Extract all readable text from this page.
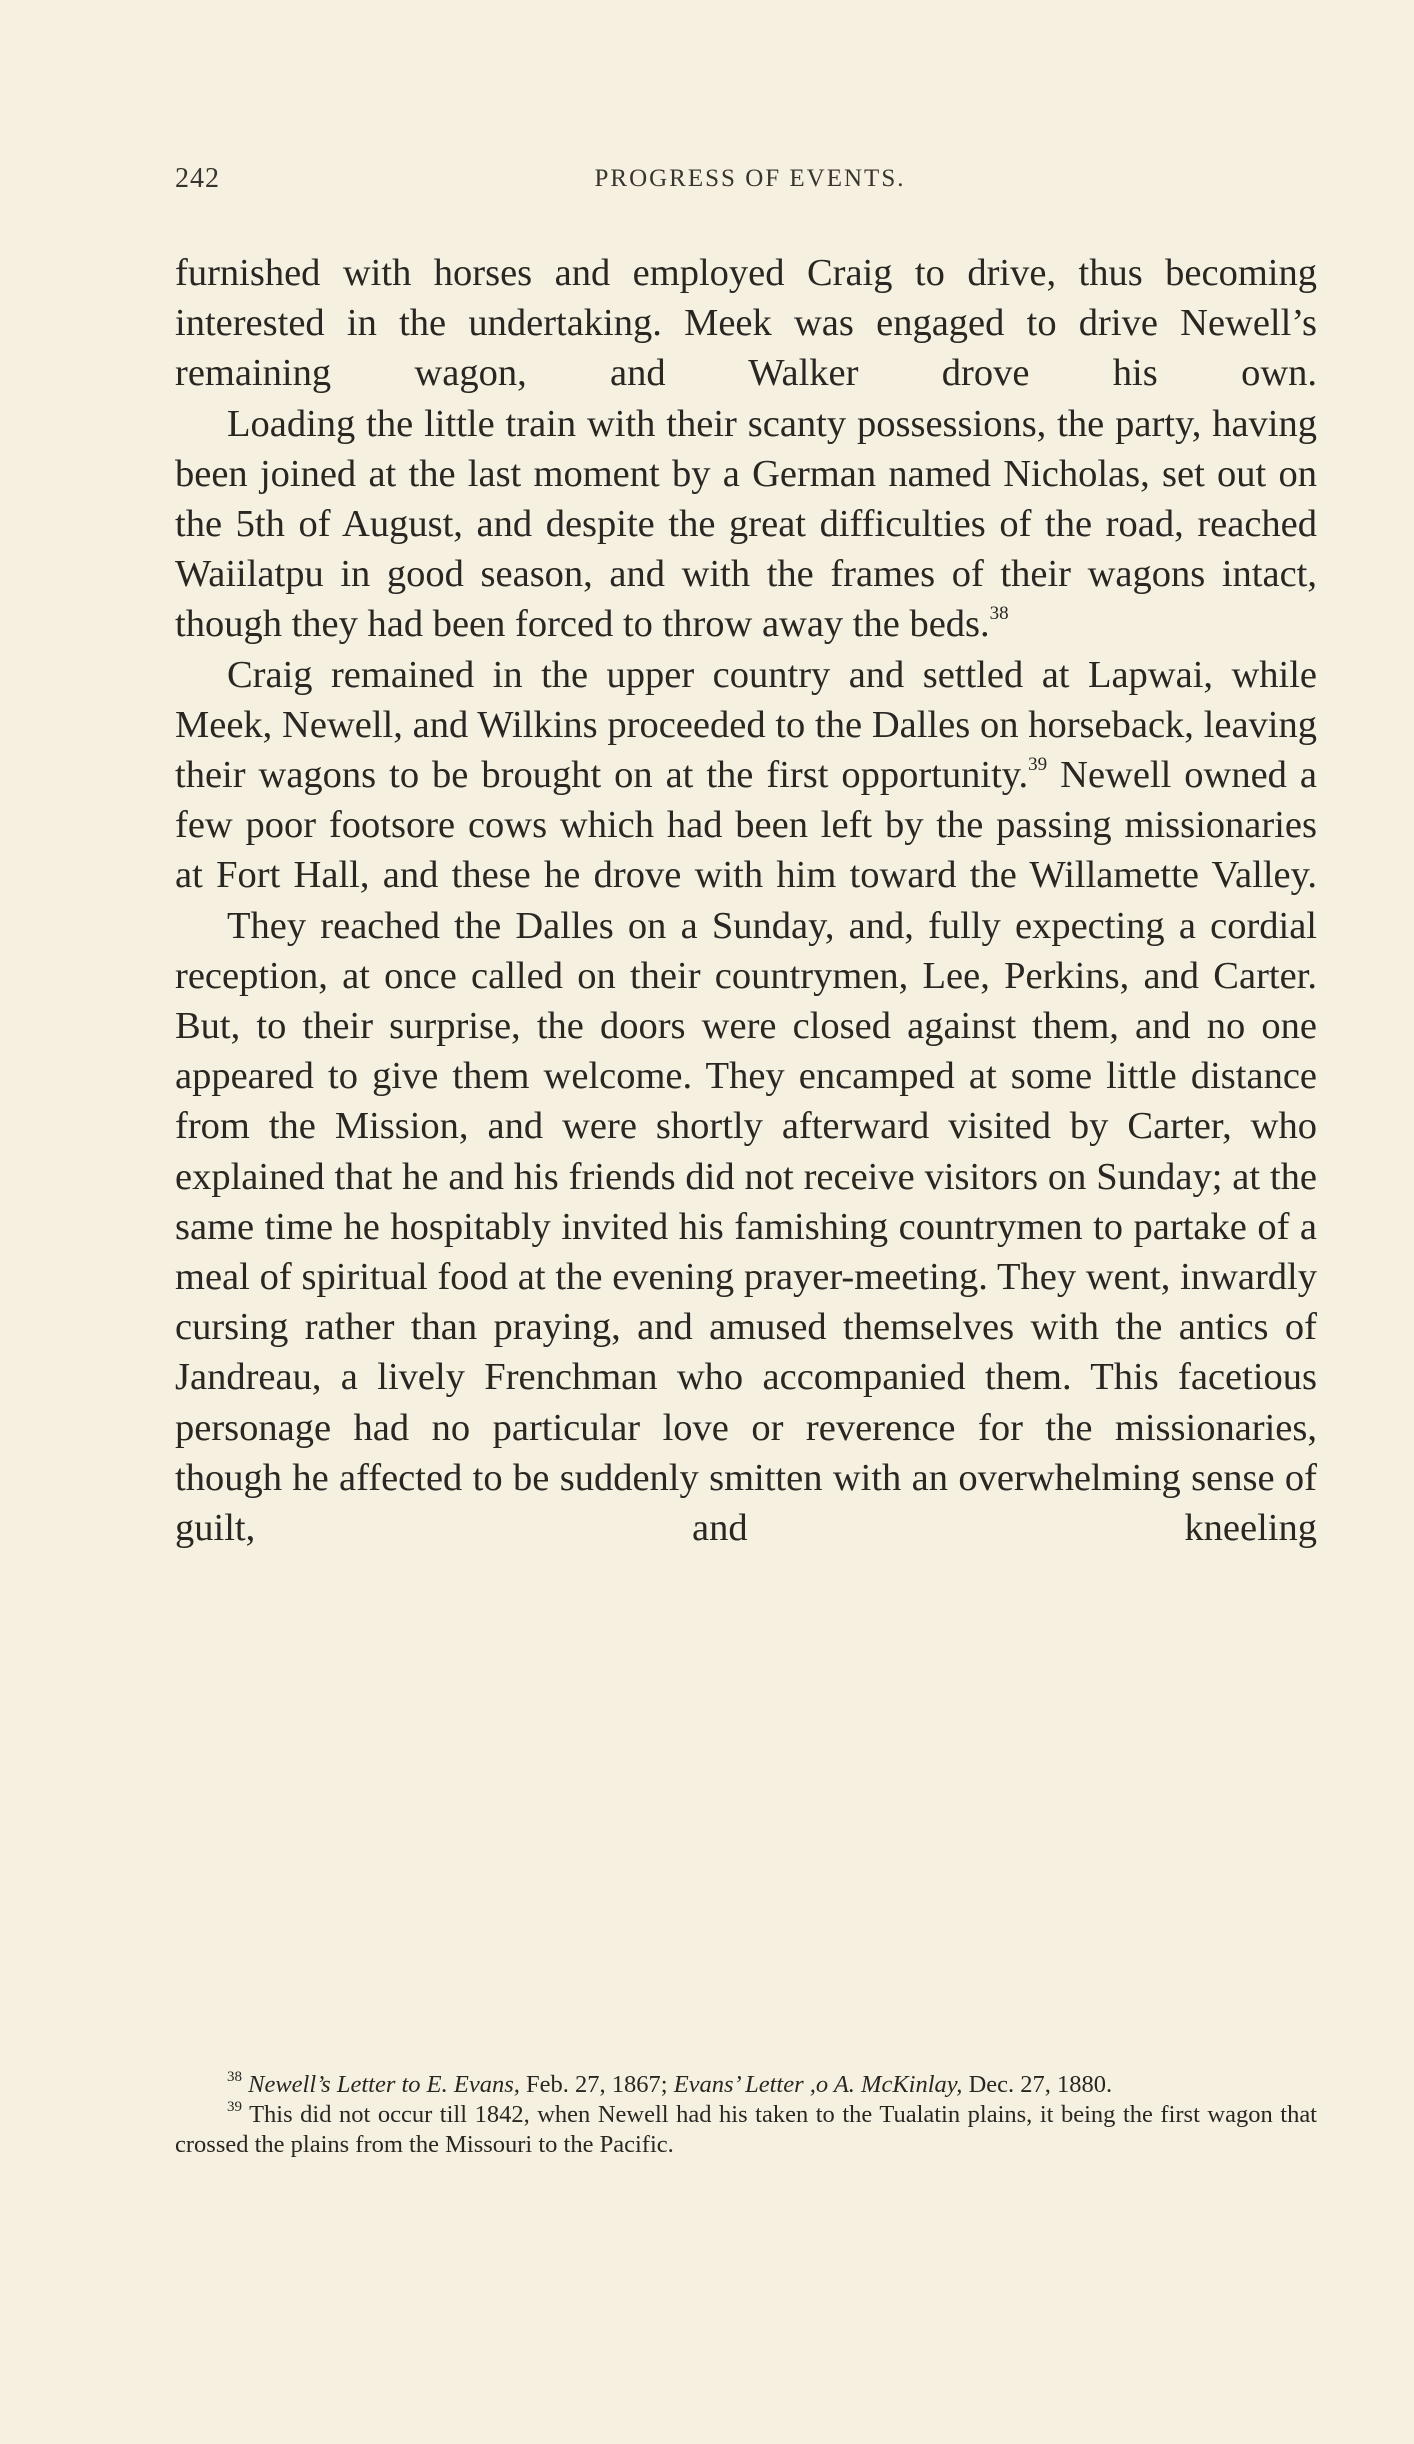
242	PROGRESS OF EVENTS.

furnished with horses and employed Craig to drive, thus becoming interested in the undertaking. Meek was engaged to drive Newell’s remaining wagon, and Walker drove his own.

Loading the little train with their scanty possessions, the party, having been joined at the last moment by a German named Nicholas, set out on the 5th of August, and despite the great difficulties of the road, reached Waiilatpu in good season, and with the frames of their wagons intact, though they had been forced to throw away the beds.$^{38}$

Craig remained in the upper country and settled at Lapwai, while Meek, Newell, and Wilkins proceeded to the Dalles on horseback, leaving their wagons to be brought on at the first opportunity.$^{39}$ Newell owned a few poor footsore cows which had been left by the passing missionaries at Fort Hall, and these he drove with him toward the Willamette Valley.

They reached the Dalles on a Sunday, and, fully expecting a cordial reception, at once called on their countrymen, Lee, Perkins, and Carter. But, to their surprise, the doors were closed against them, and no one appeared to give them welcome. They encamped at some little distance from the Mission, and were shortly afterward visited by Carter, who explained that he and his friends did not receive visitors on Sunday; at the same time he hospitably invited his famishing countrymen to partake of a meal of spiritual food at the evening prayer-meeting. They went, inwardly cursing rather than praying, and amused themselves with the antics of Jandreau, a lively Frenchman who accompanied them. This facetious personage had no particular love or reverence for the missionaries, though he affected to be suddenly smitten with an overwhelming sense of guilt, and kneeling

$^{38}$ Newell’s Letter to E. Evans, Feb. 27, 1867; Evans’ Letter ,o A. McKinlay, Dec. 27, 1880.

$^{39}$ This did not occur till 1842, when Newell had his taken to the Tualatin plains, it being the first wagon that crossed the plains from the Missouri to the Pacific.
